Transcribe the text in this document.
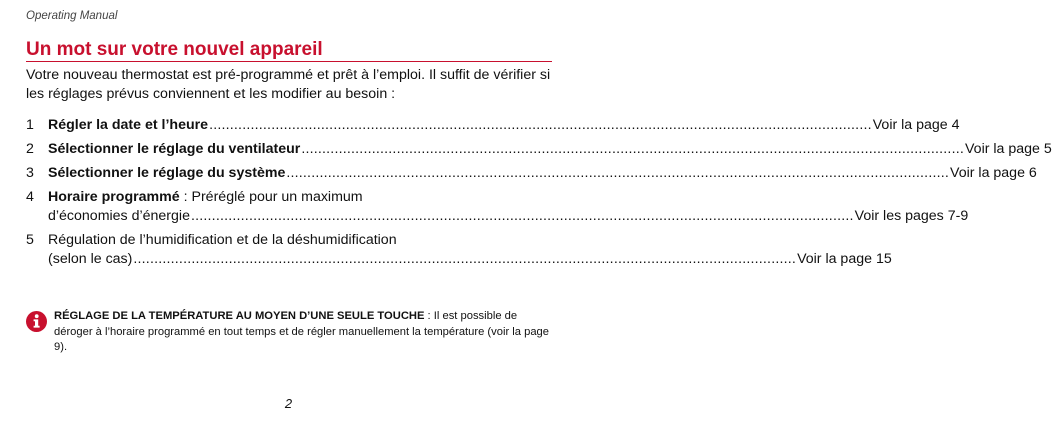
Operating Manual
Un mot sur votre nouvel appareil

Votre nouveau thermostat est pré-programmé et prêt à l’emploi. Il suffit de vérifier si les réglages prévus conviennent et les modifier au besoin :

1 Régler la date et l’heure .....	Voir la page 4
2 Sélectionner le réglage du ventilateur .....	Voir la page 5
3 Sélectionner le réglage du système .....	Voir la page 6
4 Horaire programmé : Préréglé pour un maximum
d’économies d’énergie .....	Voir les pages 7-9
5 Régulation de l’humidification et de la déshumidification
(selon le cas) .....	Voir la page 15
RÉGLAGE DE LA TEMPÉRATURE AU MOYEN D’UNE SEULE TOUCHE : Il est possible de déroger à l’horaire programmé en tout temps et de régler manuellement la température (voir la page 9).
2
